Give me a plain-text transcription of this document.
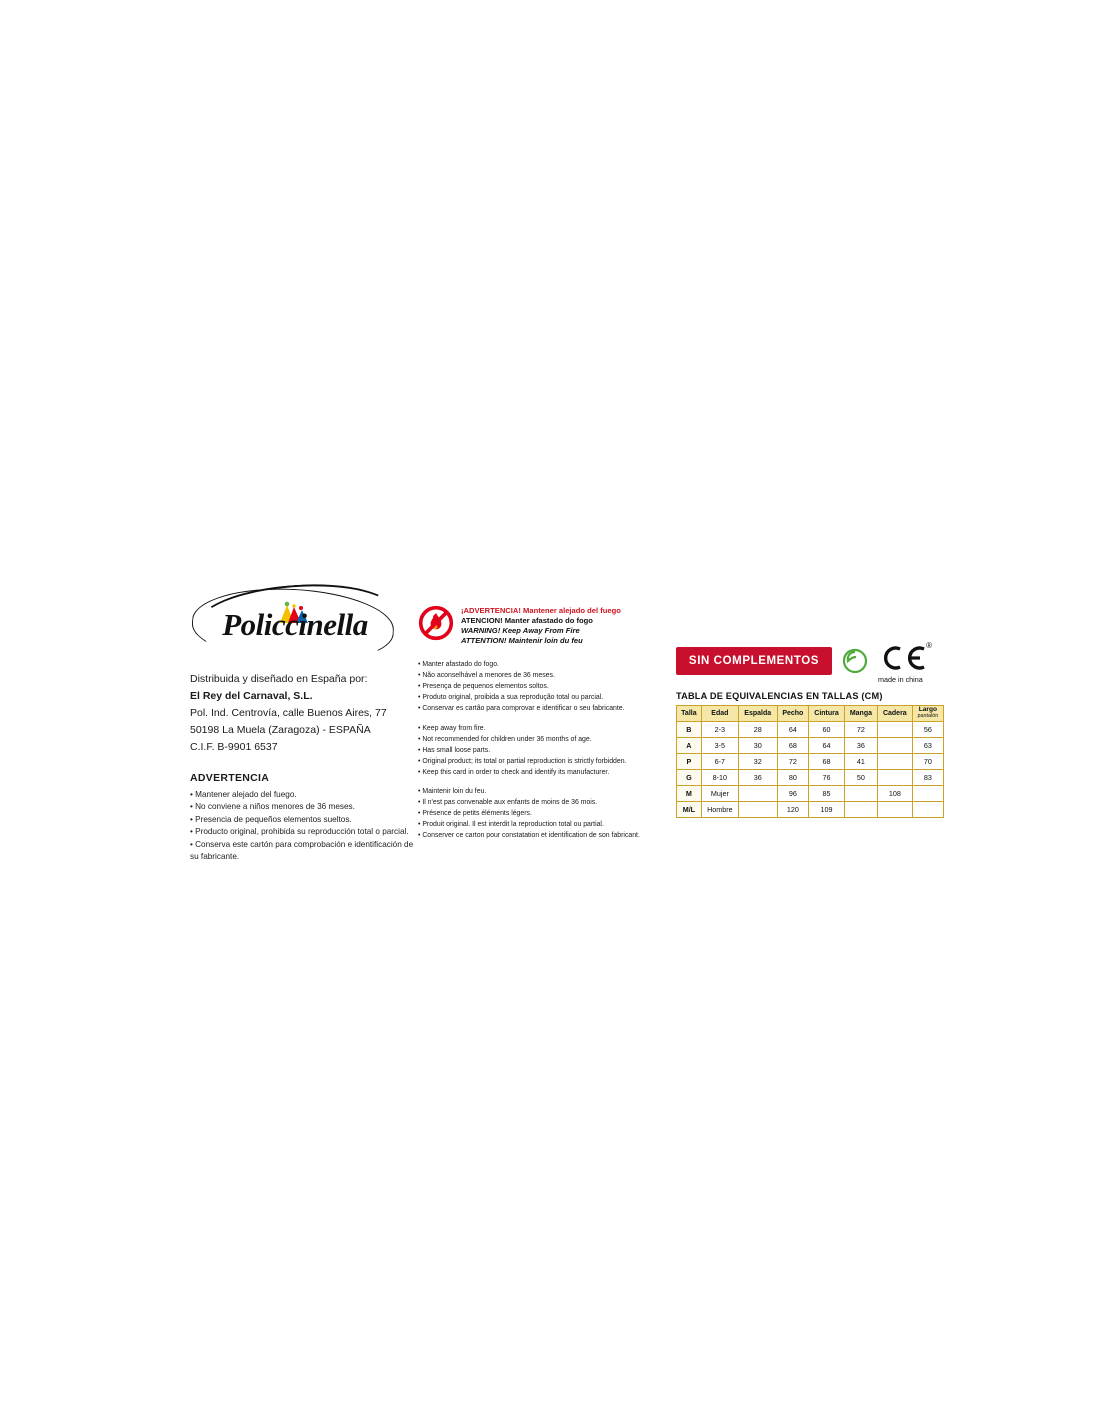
Policcinella
Distribuida y diseñado en España por:
El Rey del Carnaval, S.L.
Pol. Ind. Centrovía, calle Buenos Aires, 77
50198 La Muela (Zaragoza) - ESPAÑA
C.I.F. B-9901 6537
ADVERTENCIA
• Mantener alejado del fuego.
• No conviene a niños menores de 36 meses.
• Presencia de pequeños elementos sueltos.
• Producto original, prohibida su reproducción total o parcial.
• Conserva este cartón para comprobación e identificación de su fabricante.
¡ADVERTENCIA! Mantener alejado del fuego
ATENCION! Manter afastado do fogo
WARNING! Keep Away From Fire
ATTENTION! Maintenir loin du feu
• Manter afastado do fogo.
• Não aconselhável a menores de 36 meses.
• Presença de pequenos elementos soltos.
• Produto original, proibida a sua reprodução total ou parcial.
• Conservar es cartão para comprovar e identificar o seu fabricante.
• Keep away from fire.
• Not recommended for children under 36 months of age.
• Has small loose parts.
• Original product; its total or partial reproduction is strictly forbidden.
• Keep this card in order to check and identify its manufacturer.
• Maintenir loin du feu.
• Il n'est pas convenable aux enfants de moins de 36 mois.
• Présence de petits éléments légers.
• Produit original. Il est interdit la reproduction total ou partial.
• Conserver ce carton pour constatation et identification de son fabricant.
SIN COMPLEMENTOS
®
made in china
TABLA DE EQUIVALENCIAS EN TALLAS (CM)
Talla	Edad	Espalda	Pecho	Cintura	Manga	Cadera	Largo
pantalón

B	2-3	28	64	60	72		56
A	3-5	30	68	64	36		63
P	6-7	32	72	68	41		70
G	8-10	36	80	76	50		83
M	Mujer		96	85		108	
M/L	Hombre		120	109			
